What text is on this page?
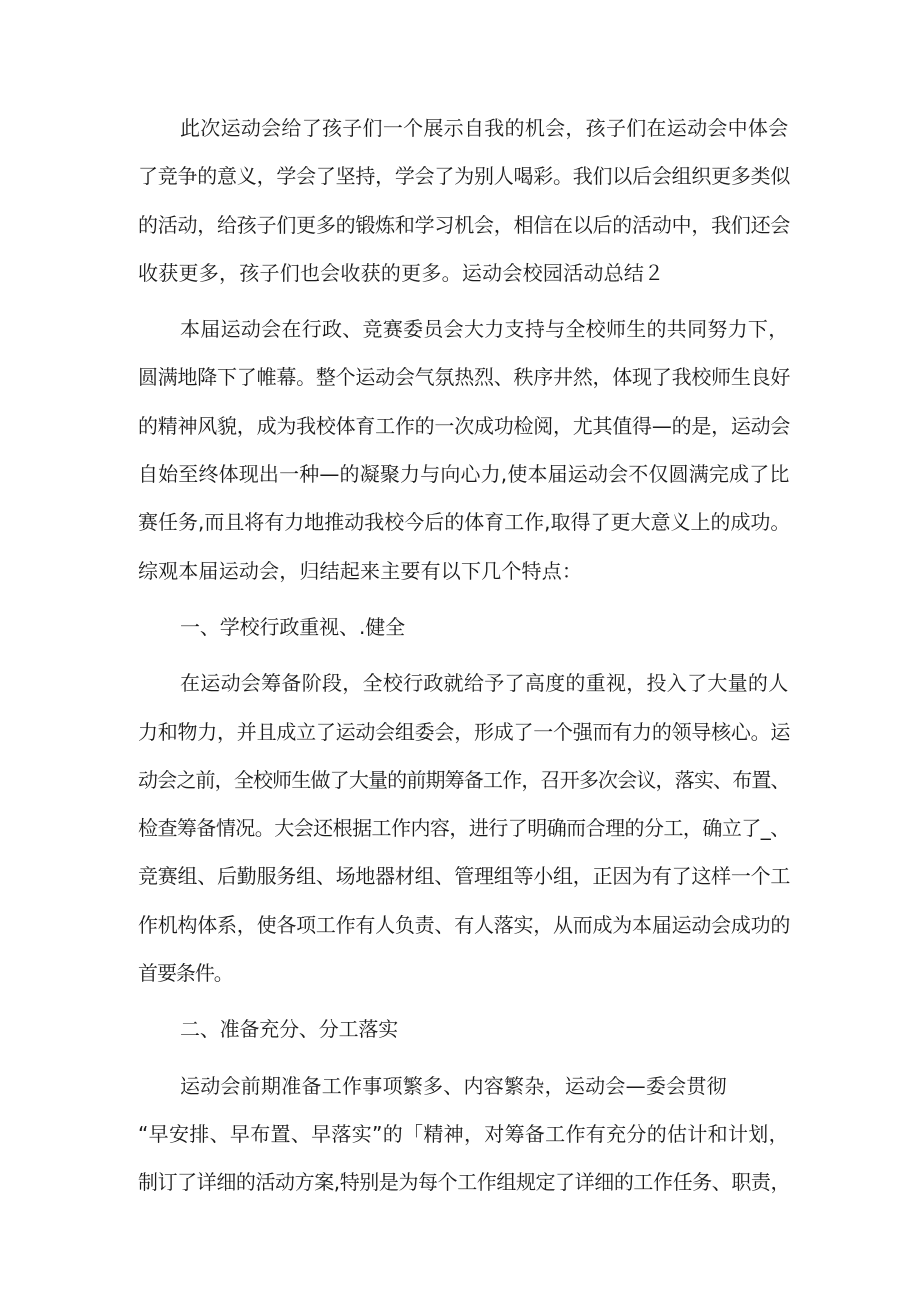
此次运动会给了孩子们一个展示自我的机会，孩子们在运动会中体会
了竞争的意义，学会了坚持，学会了为别人喝彩。我们以后会组织更多类似
的活动，给孩子们更多的锻炼和学习机会，相信在以后的活动中，我们还会
收获更多，孩子们也会收获的更多。运动会校园活动总结２
本届运动会在行政、竞赛委员会大力支持与全校师生的共同努力下，
圆满地降下了帷幕。整个运动会气氛热烈、秩序井然，体现了我校师生良好
的精神风貌，成为我校体育工作的一次成功检阅，尤其值得—的是，运动会
自始至终体现出一种—的凝聚力与向心力,使本届运动会不仅圆满完成了比
赛任务,而且将有力地推动我校今后的体育工作,取得了更大意义上的成功。
综观本届运动会，归结起来主要有以下几个特点：
一、学校行政重视、.健全
在运动会筹备阶段，全校行政就给予了高度的重视，投入了大量的人
力和物力，并且成立了运动会组委会，形成了一个强而有力的领导核心。运
动会之前，全校师生做了大量的前期筹备工作，召开多次会议，落实、布置、
检查筹备情况。大会还根据工作内容，进行了明确而合理的分工，确立了_、
竞赛组、后勤服务组、场地器材组、管理组等小组，正因为有了这样一个工
作机构体系，使各项工作有人负责、有人落实，从而成为本届运动会成功的
首要条件。
二、准备充分、分工落实
运动会前期准备工作事项繁多、内容繁杂，运动会—委会贯彻
“早安排、早布置、早落实”的「精神，对筹备工作有充分的估计和计划，
制订了详细的活动方案,特别是为每个工作组规定了详细的工作任务、职责，
